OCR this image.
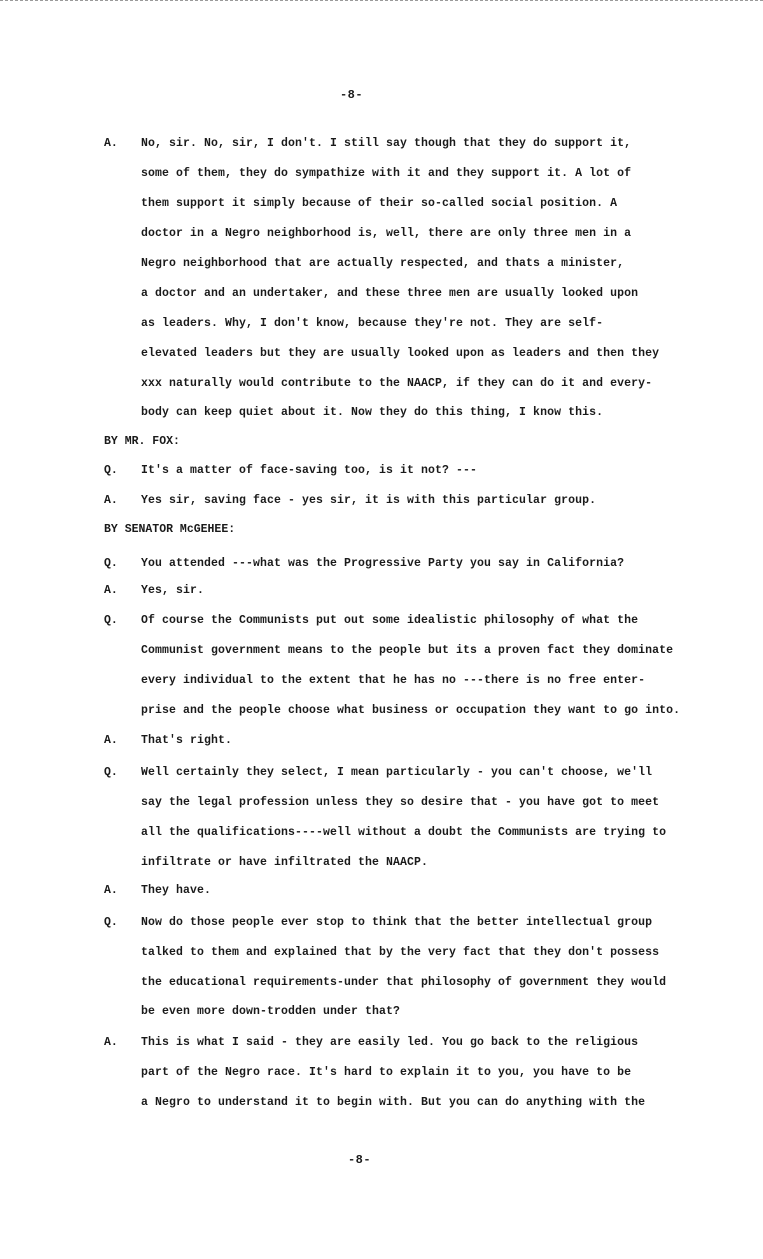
-8-
A. No, sir. No, sir, I don't. I still say though that they do support it,
some of them, they do sympathize with it and they support it. A lot of
them support it simply because of their so-called social position. A
doctor in a Negro neighborhood is, well, there are only three men in a
Negro neighborhood that are actually respected, and thats a minister,
a doctor and an undertaker, and these three men are usually looked upon
as leaders. Why, I don't know, because they're not. They are self-
elevated leaders but they are usually looked upon as leaders and then they
xxx naturally would contribute to the NAACP, if they can do it and every-
body can keep quiet about it. Now they do this thing, I know this.
BY MR. FOX:
Q. It's a matter of face-saving too, is it not? ---
A. Yes sir, saving face - yes sir, it is with this particular group.
BY SENATOR McGEHEE:
Q. You attended ---what was the Progressive Party you say in California?
A. Yes, sir.
Q. Of course the Communists put out some idealistic philosophy of what the
Communist government means to the people but its a proven fact they dominate
every individual to the extent that he has no ---there is no free enter-
prise and the people choose what business or occupation they want to go into.
A. That's right.
Q. Well certainly they select, I mean particularly - you can't choose, we'll
say the legal profession unless they so desire that - you have got to meet
all the qualifications----well without a doubt the Communists are trying to
infiltrate or have infiltrated the NAACP.
A. They have.
Q. Now do those people ever stop to think that the better intellectual group
talked to them and explained that by the very fact that they don't possess
the educational requirements-under that philosophy of government they would
be even more down-trodden under that?
A. This is what I said - they are easily led. You go back to the religious
part of the Negro race. It's hard to explain it to you, you have to be
a Negro to understand it to begin with. But you can do anything with the
-8-
